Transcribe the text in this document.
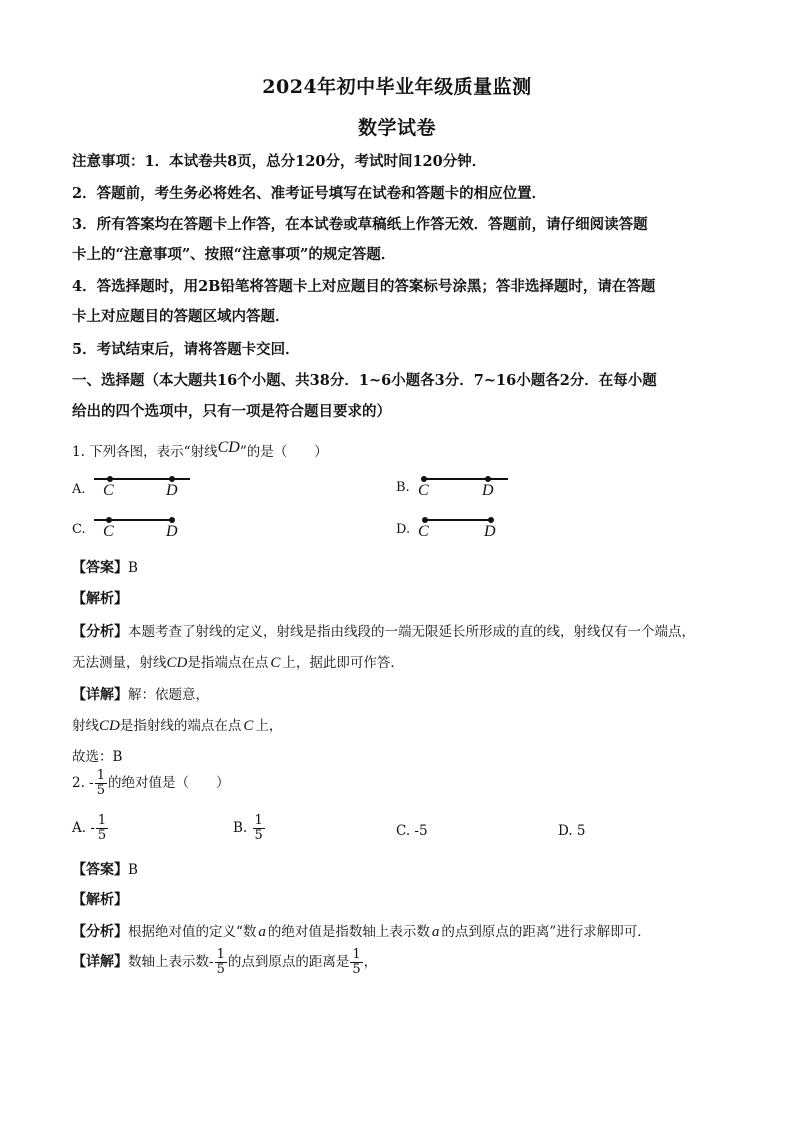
2024年初中毕业年级质量监测
数学试卷
注意事项：1．本试卷共8页，总分120分，考试时间120分钟．
2．答题前，考生务必将姓名、准考证号填写在试卷和答题卡的相应位置．
3．所有答案均在答题卡上作答，在本试卷或草稿纸上作答无效．答题前，请仔细阅读答题
卡上的“注意事项”、按照“注意事项”的规定答题．
4．答选择题时，用2B铅笔将答题卡上对应题目的答案标号涂黑；答非选择题时，请在答题
卡上对应题目的答题区域内答题．
5．考试结束后，请将答题卡交回．
一、选择题（本大题共16个小题、共38分．1~6小题各3分．7~16小题各2分．在每小题
给出的四个选项中，只有一项是符合题目要求的）
1. 下列各图，表示“射线CD”的是（　　）
A. C	D	B. C	D
C. C	D	D. C	D
【答案】B
【解析】
【分析】本题考查了射线的定义，射线是指由线段的一端无限延长所形成的直的线，射线仅有一个端点，
无法测量，射线CD是指端点在点 C 上，据此即可作答．
【详解】解：依题意，
射线CD是指射线的端点在点 C 上，
故选：B
2. - $\frac{1}{5}$ 的绝对值是（　　）
A. - $\frac{1}{5}$	B. $\frac{1}{5}$	C. -5	D. 5
【答案】B
【解析】
【分析】根据绝对值的定义“数 a 的绝对值是指数轴上表示数 a 的点到原点的距离”进行求解即可．
【详解】数轴上表示数- $\frac{1}{5}$ 的点到原点的距离是 $\frac{1}{5}$ ，
